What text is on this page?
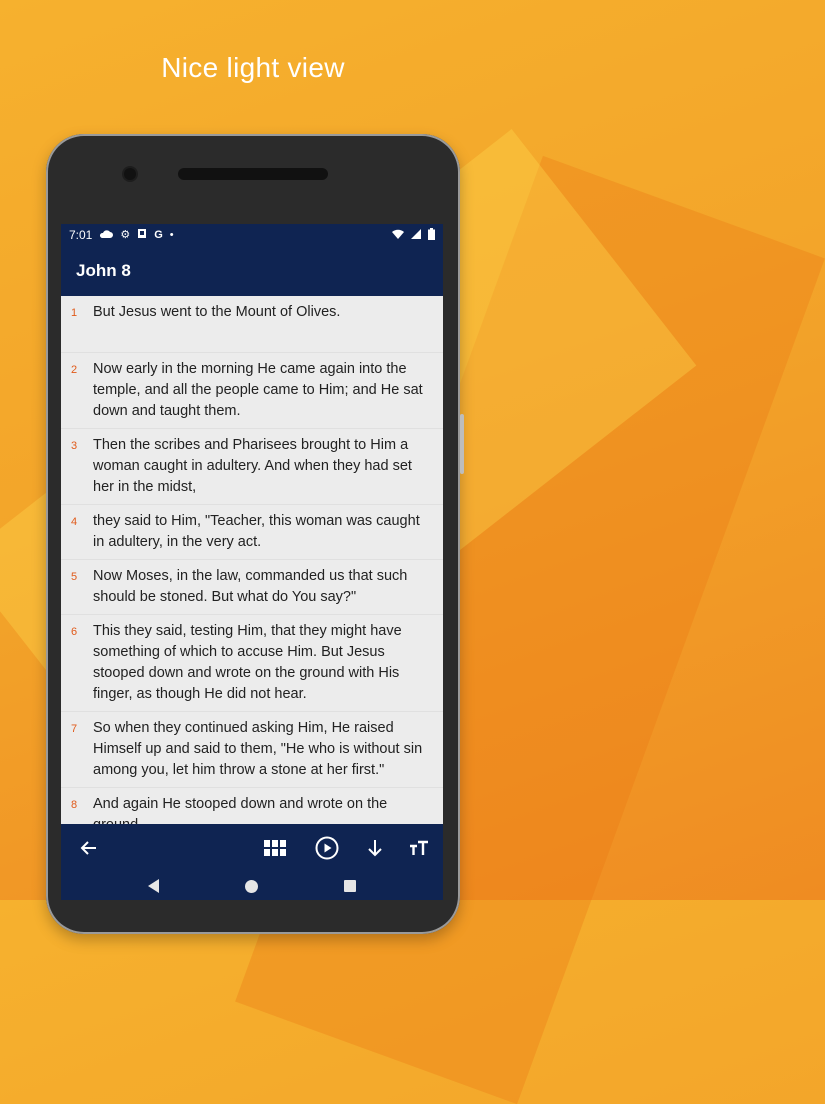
Nice light view
7:01	⚙ G •
John 8
1	But Jesus went to the Mount of Olives.
2	Now early in the morning He came again into the temple, and all the people came to Him; and He sat down and taught them.
3	Then the scribes and Pharisees brought to Him a woman caught in adultery. And when they had set her in the midst,
4	they said to Him, "Teacher, this woman was caught in adultery, in the very act.
5	Now Moses, in the law, commanded us that such should be stoned. But what do You say?"
6	This they said, testing Him, that they might have something of which to accuse Him. But Jesus stooped down and wrote on the ground with His finger, as though He did not hear.
7	So when they continued asking Him, He raised Himself up and said to them, "He who is without sin among you, let him throw a stone at her first."
8	And again He stooped down and wrote on the
